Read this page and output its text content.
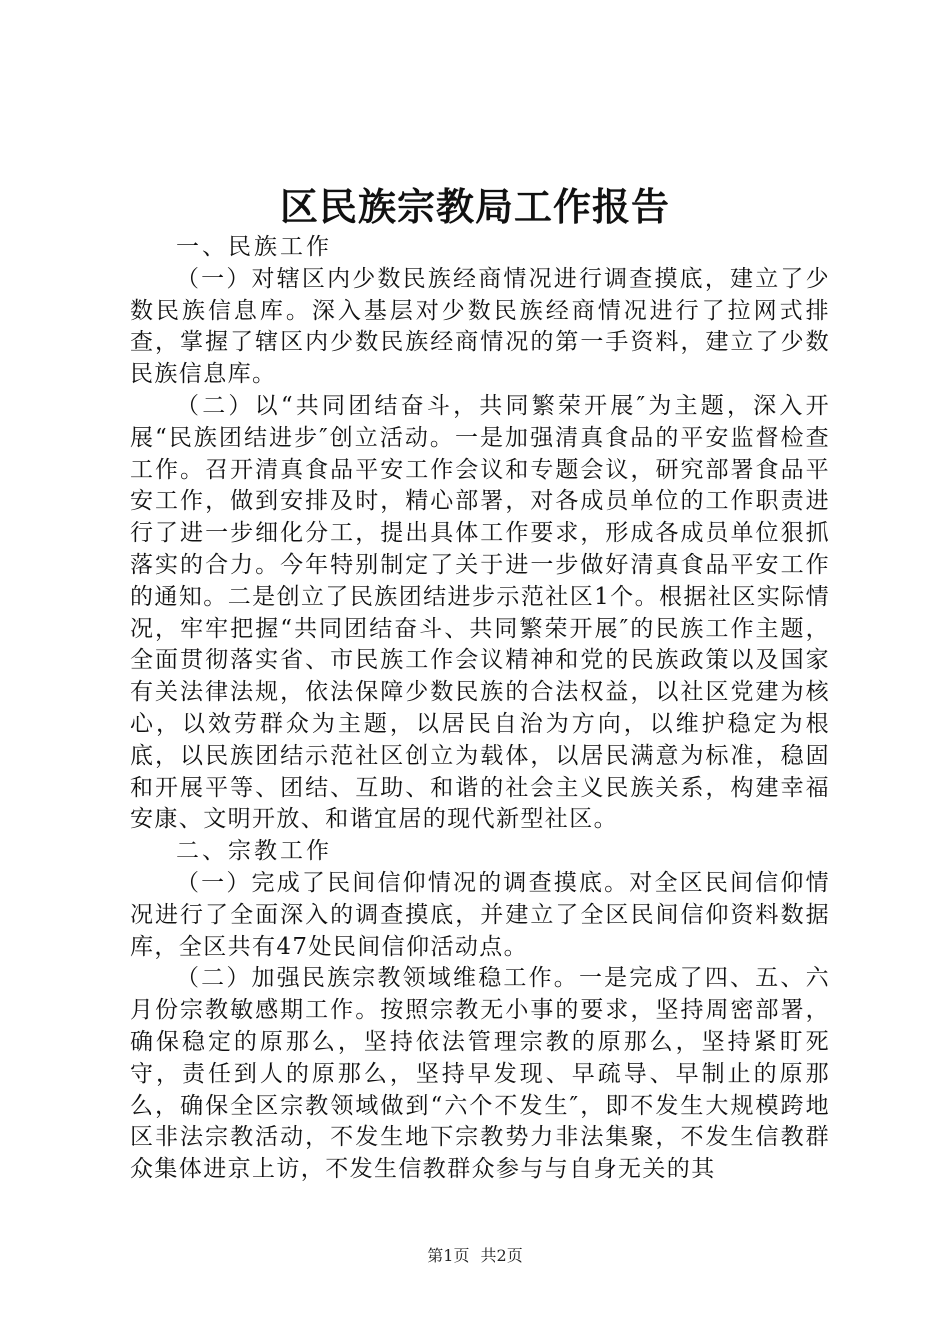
区民族宗教局工作报告

一、民族工作

（一）对辖区内少数民族经商情况进行调查摸底，建立了少数民族信息库。深入基层对少数民族经商情况进行了拉网式排查，掌握了辖区内少数民族经商情况的第一手资料，建立了少数民族信息库。

（二）以“共同团结奋斗，共同繁荣开展″为主题，深入开展“民族团结进步″创立活动。一是加强清真食品的平安监督检查工作。召开清真食品平安工作会议和专题会议，研究部署食品平安工作，做到安排及时，精心部署，对各成员单位的工作职责进行了进一步细化分工，提出具体工作要求，形成各成员单位狠抓落实的合力。今年特别制定了关于进一步做好清真食品平安工作的通知。二是创立了民族团结进步示范社区1个。根据社区实际情况，牢牢把握“共同团结奋斗、共同繁荣开展″的民族工作主题，全面贯彻落实省、市民族工作会议精神和党的民族政策以及国家有关法律法规，依法保障少数民族的合法权益，以社区党建为核心，以效劳群众为主题，以居民自治为方向，以维护稳定为根底，以民族团结示范社区创立为载体，以居民满意为标准，稳固和开展平等、团结、互助、和谐的社会主义民族关系，构建幸福安康、文明开放、和谐宜居的现代新型社区。

二、宗教工作

（一）完成了民间信仰情况的调查摸底。对全区民间信仰情况进行了全面深入的调查摸底，并建立了全区民间信仰资料数据库，全区共有47处民间信仰活动点。

（二）加强民族宗教领域维稳工作。一是完成了四、五、六月份宗教敏感期工作。按照宗教无小事的要求，坚持周密部署，确保稳定的原那么，坚持依法管理宗教的原那么，坚持紧盯死守，责任到人的原那么，坚持早发现、早疏导、早制止的原那么，确保全区宗教领域做到“六个不发生″，即不发生大规模跨地区非法宗教活动，不发生地下宗教势力非法集聚，不发生信教群众集体进京上访，不发生信教群众参与与自身无关的其

第1页 共2页
